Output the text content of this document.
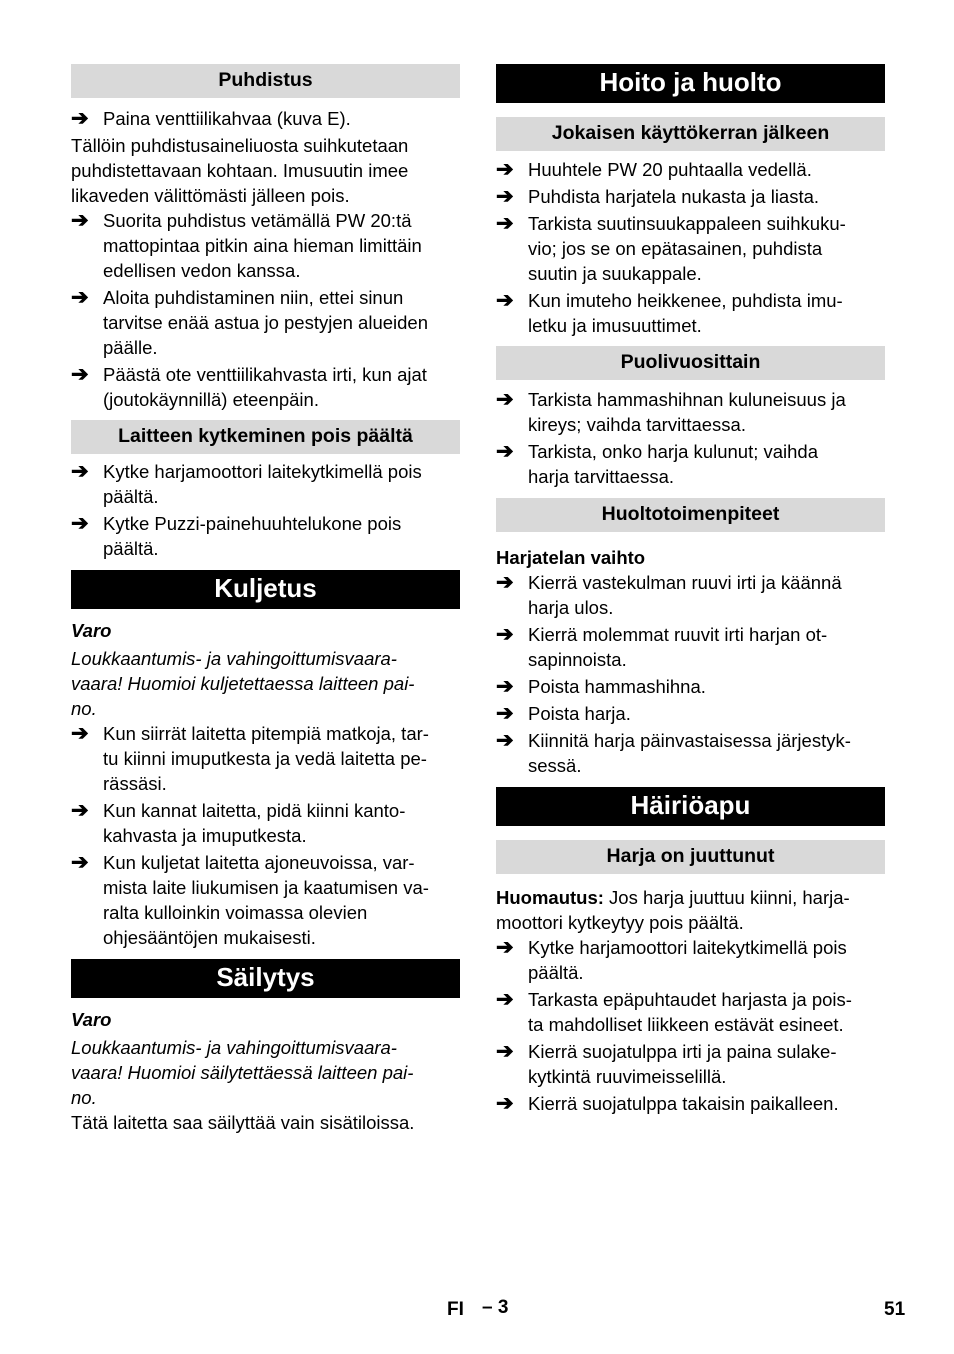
Puhdistus
➔ Paina venttiilikahvaa (kuva E).
Tällöin puhdistusaineliuosta suihkutetaan
puhdistettavaan kohtaan. Imusuutin imee
likaveden välittömästi jälleen pois.
➔ Suorita puhdistus vetämällä PW 20:tä
mattopintaa pitkin aina hieman limittäin
edellisen vedon kanssa.
➔ Aloita puhdistaminen niin, ettei sinun
tarvitse enää astua jo pestyjen alueiden
päälle.
➔ Päästä ote venttiilikahvasta irti, kun ajat
(joutokäynnillä) eteenpäin.
Laitteen kytkeminen pois päältä
➔ Kytke harjamoottori laitekytkimellä pois
päältä.
➔ Kytke Puzzi-painehuuhtelukone pois
päältä.
Kuljetus
Varo
Loukkaantumis- ja vahingoittumisvaara-
vaara! Huomioi kuljetettaessa laitteen pai-
no.
➔ Kun siirrät laitetta pitempiä matkoja, tar-
tu kiinni imuputkesta ja vedä laitetta pe-
rässäsi.
➔ Kun kannat laitetta, pidä kiinni kanto-
kahvasta ja imuputkesta.
➔ Kun kuljetat laitetta ajoneuvoissa, var-
mista laite liukumisen ja kaatumisen va-
ralta kulloinkin voimassa olevien
ohjesääntöjen mukaisesti.
Säilytys
Varo
Loukkaantumis- ja vahingoittumisvaara-
vaara! Huomioi säilytettäessä laitteen pai-
no.
Tätä laitetta saa säilyttää vain sisätiloissa.
Hoito ja huolto
Jokaisen käyttökerran jälkeen
➔ Huuhtele PW 20 puhtaalla vedellä.
➔ Puhdista harjatela nukasta ja liasta.
➔ Tarkista suutinsuukappaleen suihkuku-
vio; jos se on epätasainen, puhdista
suutin ja suukappale.
➔ Kun imuteho heikkenee, puhdista imu-
letku ja imusuuttimet.
Puolivuosittain
➔ Tarkista hammashihnan kuluneisuus ja
kireys; vaihda tarvittaessa.
➔ Tarkista, onko harja kulunut; vaihda
harja tarvittaessa.
Huoltotoimenpiteet
Harjatelan vaihto
➔ Kierrä vastekulman ruuvi irti ja käännä
harja ulos.
➔ Kierrä molemmat ruuvit irti harjan ot-
sapinnoista.
➔ Poista hammashihna.
➔ Poista harja.
➔ Kiinnitä harja päinvastaisessa järjestyk-
sessä.
Häiriöapu
Harja on juuttunut
Huomautus: Jos harja juuttuu kiinni, harja-
moottori kytkeytyy pois päältä.
➔ Kytke harjamoottori laitekytkimellä pois
päältä.
➔ Tarkasta epäpuhtaudet harjasta ja pois-
ta mahdolliset liikkeen estävät esineet.
➔ Kierrä suojatulppa irti ja paina sulake-
kytkintä ruuvimeisselillä.
➔ Kierrä suojatulppa takaisin paikalleen.
FI – 3	51
